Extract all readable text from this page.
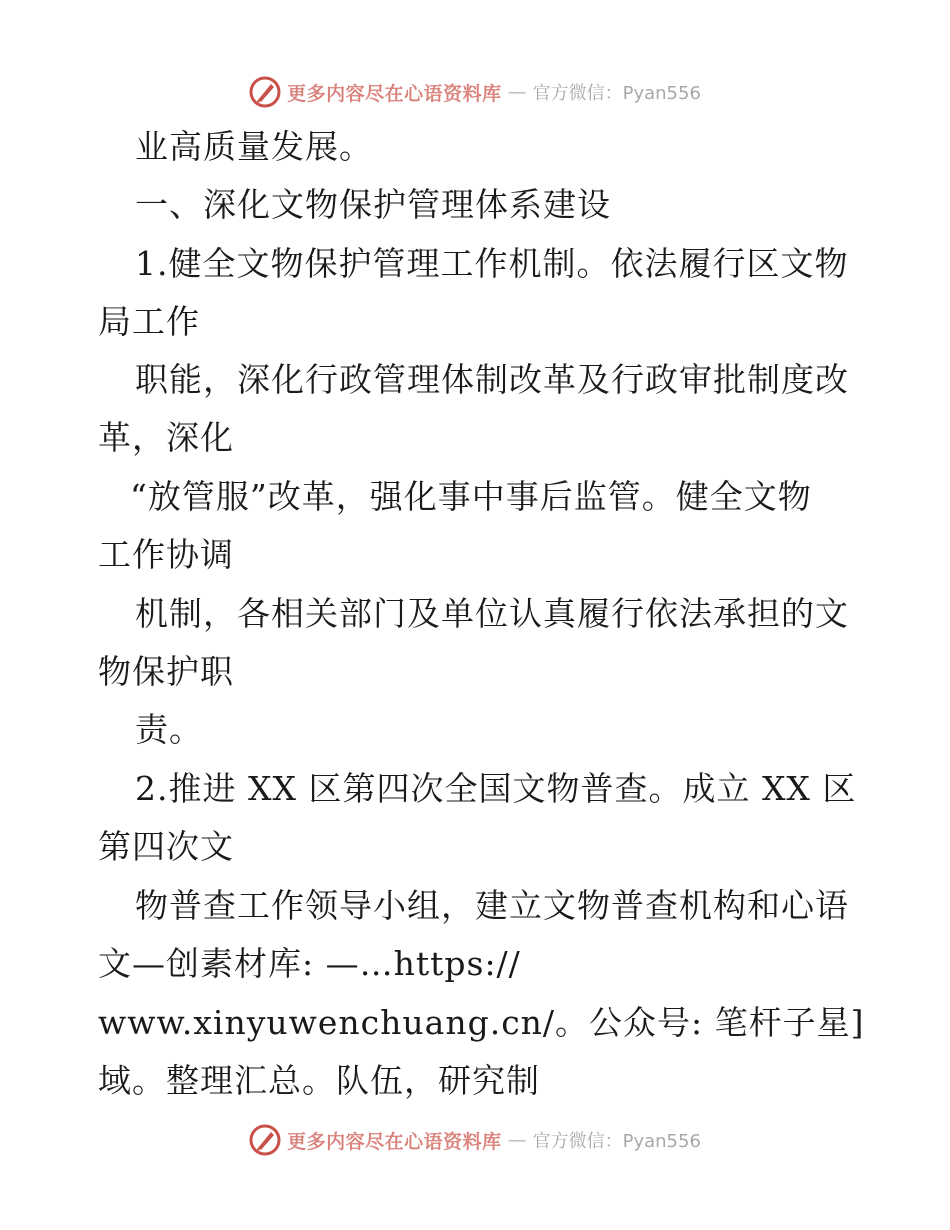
更多内容尽在心语资料库 — 官方微信：Pyan556
业高质量发展。
一、深化文物保护管理体系建设
1.健全文物保护管理工作机制。依法履行区文物
局工作
职能，深化行政管理体制改革及行政审批制度改
革，深化
“放管服”改革，强化事中事后监管。健全文物
工作协调
机制，各相关部门及单位认真履行依法承担的文
物保护职
责。
2.推进 XX 区第四次全国文物普查。成立 XX 区
第四次文
物普查工作领导小组，建立文物普查机构和心语
文—创素材库: —…https://
www.xinyuwenchuang.cn/。公众号: 笔杆子星]
域。整理汇总。队伍，研究制
更多内容尽在心语资料库 — 官方微信：Pyan556
